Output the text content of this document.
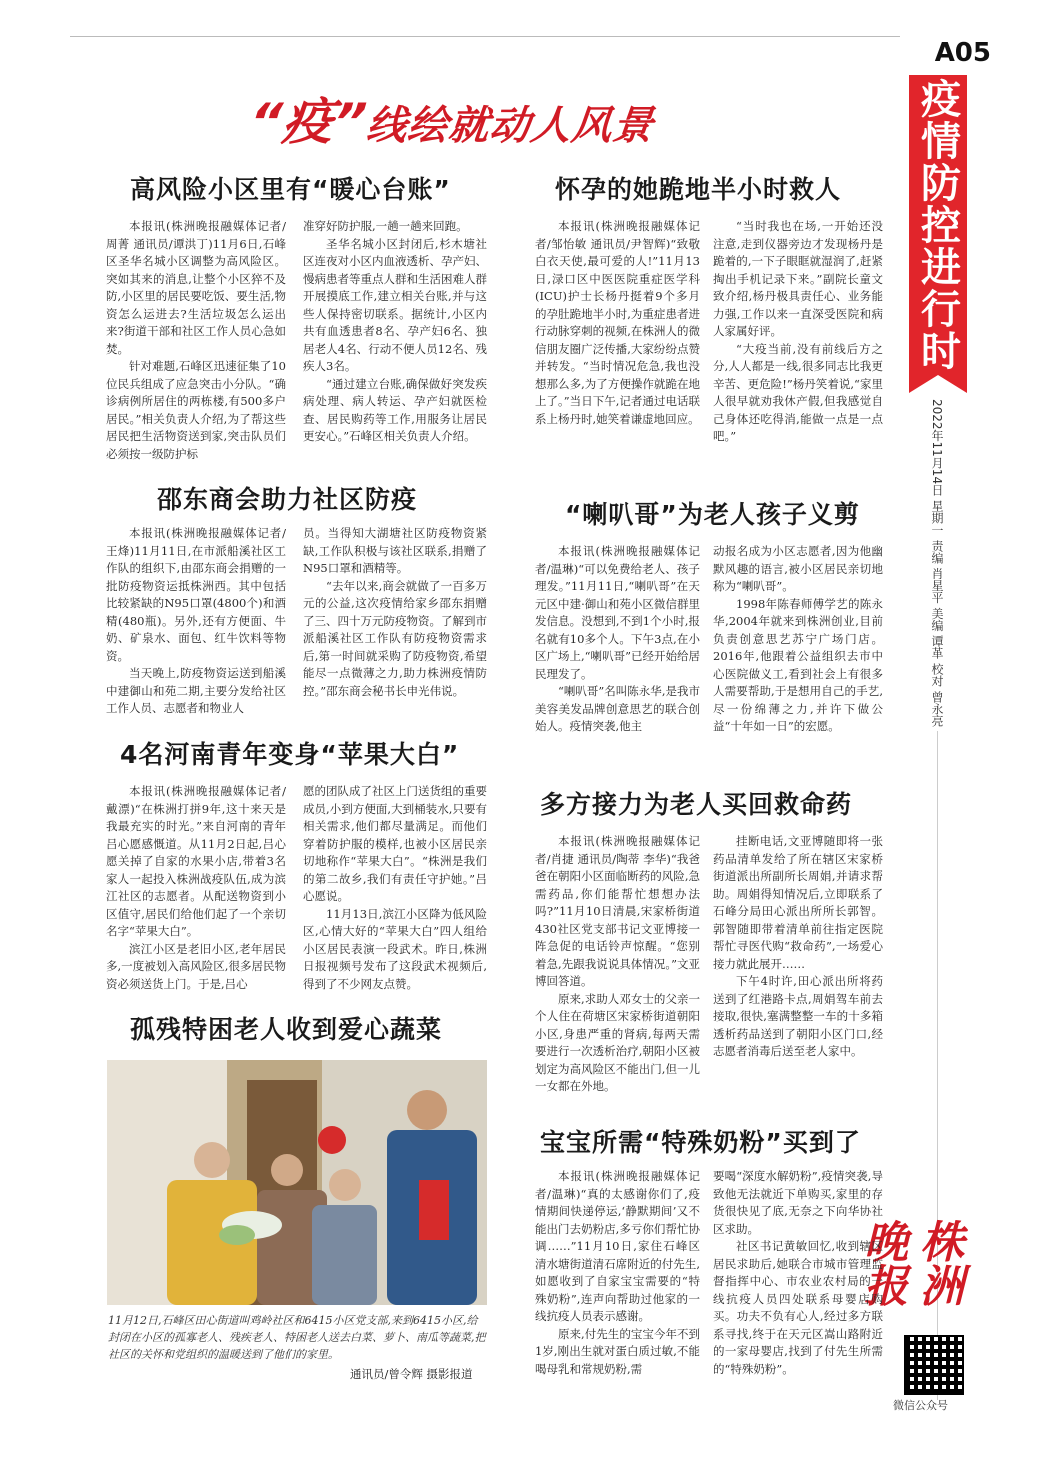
A05
疫情防控进行时
2022年11月14日 星期一 责编 肖星平 美编 谭革 校对 曾永亮
株洲晚报
微信公众号
“疫”线绘就动人风景
高风险小区里有“暖心台账”

本报讯(株洲晚报融媒体记者/周菁 通讯员/谭洪丁)11月6日,石峰区圣华名城小区调整为高风险区。突如其来的消息,让整个小区猝不及防,小区里的居民要吃饭、要生活,物资怎么运进去?生活垃圾怎么运出来?街道干部和社区工作人员心急如焚。

针对难题,石峰区迅速征集了10位民兵组成了应急突击小分队。“确诊病例所居住的两栋楼,有500多户居民。”相关负责人介绍,为了帮这些居民把生活物资送到家,突击队员们必须按一级防护标

准穿好防护服,一趟一趟来回跑。

圣华名城小区封闭后,杉木塘社区连夜对小区内血液透析、孕产妇、慢病患者等重点人群和生活困难人群开展摸底工作,建立相关台账,并与这些人保持密切联系。据统计,小区内共有血透患者8名、孕产妇6名、独居老人4名、行动不便人员12名、残疾人3名。

“通过建立台账,确保做好突发疾病处理、病人转运、孕产妇就医检查、居民购药等工作,用服务让居民更安心。”石峰区相关负责人介绍。

怀孕的她跪地半小时救人

本报讯(株洲晚报融媒体记者/邹怡敏 通讯员/尹智辉)“致敬白衣天使,最可爱的人!”11月13日,渌口区中医医院重症医学科(ICU)护士长杨丹挺着9个多月的孕肚跪地半小时,为重症患者进行动脉穿刺的视频,在株洲人的微信朋友圈广泛传播,大家纷纷点赞并转发。“当时情况危急,我也没想那么多,为了方便操作就跪在地上了。”当日下午,记者通过电话联系上杨丹时,她笑着谦虚地回应。

“当时我也在场,一开始还没注意,走到仪器旁边才发现杨丹是跪着的,一下子眼眶就湿润了,赶紧掏出手机记录下来。”副院长童文致介绍,杨丹极具责任心、业务能力强,工作以来一直深受医院和病人家属好评。

“大疫当前,没有前线后方之分,人人都是一线,很多同志比我更辛苦、更危险!”杨丹笑着说,“家里人很早就劝我休产假,但我感觉自己身体还吃得消,能做一点是一点吧。”

邵东商会助力社区防疫

本报讯(株洲晚报融媒体记者/王烽)11月11日,在市派船溪社区工作队的组织下,由邵东商会捐赠的一批防疫物资运抵株洲西。其中包括比较紧缺的N95口罩(4800个)和酒精(480瓶)。另外,还有方便面、牛奶、矿泉水、面包、红牛饮料等物资。

当天晚上,防疫物资运送到船溪中建御山和苑二期,主要分发给社区工作人员、志愿者和物业人

员。当得知大湖塘社区防疫物资紧缺,工作队积极与该社区联系,捐赠了N95口罩和酒精等。

“去年以来,商会就做了一百多万元的公益,这次疫情给家乡邵东捐赠了三、四十万元防疫物资。了解到市派船溪社区工作队有防疫物资需求后,第一时间就采购了防疫物资,希望能尽一点微薄之力,助力株洲疫情防控。”邵东商会秘书长申光伟说。

“喇叭哥”为老人孩子义剪

本报讯(株洲晚报融媒体记者/温琳)“可以免费给老人、孩子理发。”11月11日,“喇叭哥”在天元区中建·御山和苑小区微信群里发信息。没想到,不到1个小时,报名就有10多个人。下午3点,在小区广场上,“喇叭哥”已经开始给居民理发了。

“喇叭哥”名叫陈永华,是我市美容美发品牌创意思艺的联合创始人。疫情突袭,他主

动报名成为小区志愿者,因为他幽默风趣的语言,被小区居民亲切地称为“喇叭哥”。

1998年陈春师傅学艺的陈永华,2004年就来到株洲创业,目前负责创意思艺苏宁广场门店。2016年,他跟着公益组织去市中心医院做义工,看到社会上有很多人需要帮助,于是想用自己的手艺,尽一份绵薄之力,并许下做公益“十年如一日”的宏愿。

4名河南青年变身“苹果大白”

本报讯(株洲晚报融媒体记者/戴漂)“在株洲打拼9年,这十来天是我最充实的时光。”来自河南的青年吕心愿感慨道。从11月2日起,吕心愿关掉了自家的水果小店,带着3名家人一起投入株洲战疫队伍,成为滨江社区的志愿者。从配送物资到小区值守,居民们给他们起了一个亲切名字“苹果大白”。

滨江小区是老旧小区,老年居民多,一度被划入高风险区,很多居民物资必须送货上门。于是,吕心

愿的团队成了社区上门送货组的重要成员,小到方便面,大到桶装水,只要有相关需求,他们都尽量满足。而他们穿着防护服的模样,也被小区居民亲切地称作“苹果大白”。“株洲是我们的第二故乡,我们有责任守护她。”吕心愿说。

11月13日,滨江小区降为低风险区,心情大好的“苹果大白”四人组给小区居民表演一段武术。昨日,株洲日报视频号发布了这段武术视频后,得到了不少网友点赞。

多方接力为老人买回救命药

本报讯(株洲晚报融媒体记者/肖捷 通讯员/陶蒂 李华)“我爸爸在朝阳小区面临断药的风险,急需药品,你们能帮忙想想办法吗?”11月10日清晨,宋家桥街道430社区党支部书记文亚博接一阵急促的电话铃声惊醒。“您别着急,先跟我说说具体情况。”文亚博回答道。

原来,求助人邓女士的父亲一个人住在荷塘区宋家桥街道朝阳小区,身患严重的肾病,每两天需要进行一次透析治疗,朝阳小区被划定为高风险区不能出门,但一儿一女都在外地。

挂断电话,文亚博随即将一张药品清单发给了所在辖区宋家桥街道派出所副所长周娟,并请求帮助。周娟得知情况后,立即联系了石峰分局田心派出所所长郭智。郭智随即带着清单前往指定医院帮忙寻医代购“救命药”,一场爱心接力就此展开……

下午4时许,田心派出所将药送到了红港路卡点,周娟驾车前去接取,很快,塞满整整一车的十多箱透析药品送到了朝阳小区门口,经志愿者消毒后送至老人家中。

孤残特困老人收到爱心蔬菜
11月12日,石峰区田心街道叫鸡岭社区和6415小区党支部,来到6415小区,给封闭在小区的孤寡老人、残疾老人、特困老人送去白菜、萝卜、南瓜等蔬菜,把社区的关怀和党组织的温暖送到了他们的家里。
通讯员/曾令辉 摄影报道
宝宝所需“特殊奶粉”买到了

本报讯(株洲晚报融媒体记者/温琳)“真的太感谢你们了,疫情期间快递停运,‘静默期间’又不能出门去奶粉店,多亏你们帮忙协调……”11月10日,家住石峰区清水塘街道清石席附近的付先生,如愿收到了自家宝宝需要的“特殊奶粉”,连声向帮助过他家的一线抗疫人员表示感谢。

原来,付先生的宝宝今年不到1岁,刚出生就对蛋白质过敏,不能喝母乳和常规奶粉,需

要喝“深度水解奶粉”,疫情突袭,导致他无法就近下单购买,家里的存货很快见了底,无奈之下向华协社区求助。

社区书记黄敏回忆,收到辖区居民求助后,她联合市城市管理监督指挥中心、市农业农村局的一线抗疫人员四处联系母婴店购买。功夫不负有心人,经过多方联系寻找,终于在天元区嵩山路附近的一家母婴店,找到了付先生所需的“特殊奶粉”。
